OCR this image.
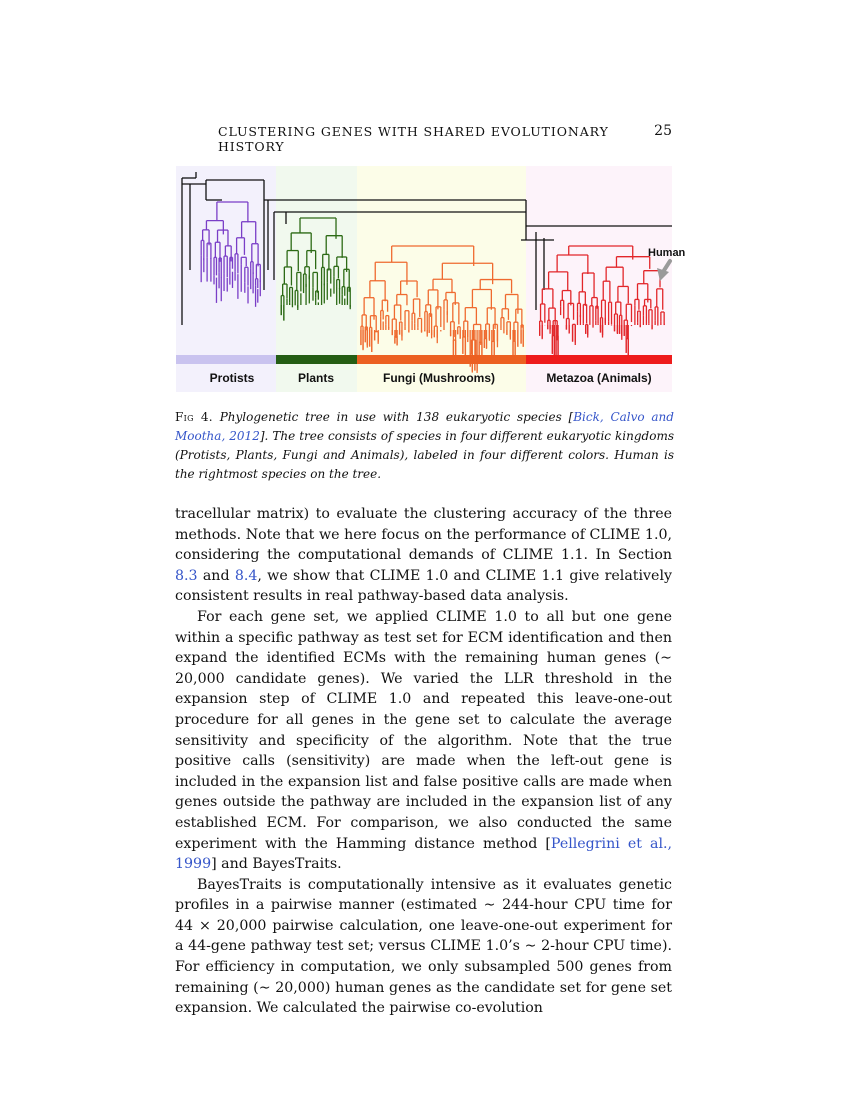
CLUSTERING GENES WITH SHARED EVOLUTIONARY HISTORY
25
Protists	Plants	Fungi (Mushrooms)	Metazoa (Animals)
Human
Fig 4. Phylogenetic tree in use with 138 eukaryotic species [Bick, Calvo and Mootha, 2012]. The tree consists of species in four different eukaryotic kingdoms (Protists, Plants, Fungi and Animals), labeled in four different colors. Human is the rightmost species on the tree.

tracellular matrix) to evaluate the clustering accuracy of the three methods. Note that we here focus on the performance of CLIME 1.0, considering the computational demands of CLIME 1.1. In Section 8.3 and 8.4, we show that CLIME 1.0 and CLIME 1.1 give relatively consistent results in real pathway-based data analysis.

For each gene set, we applied CLIME 1.0 to all but one gene within a specific pathway as test set for ECM identification and then expand the identified ECMs with the remaining human genes (∼ 20,000 candidate genes). We varied the LLR threshold in the expansion step of CLIME 1.0 and repeated this leave-one-out procedure for all genes in the gene set to calculate the average sensitivity and specificity of the algorithm. Note that the true positive calls (sensitivity) are made when the left-out gene is included in the expansion list and false positive calls are made when genes outside the pathway are included in the expansion list of any established ECM. For comparison, we also conducted the same experiment with the Hamming distance method [Pellegrini et al., 1999] and BayesTraits.

BayesTraits is computationally intensive as it evaluates genetic profiles in a pairwise manner (estimated ∼ 244-hour CPU time for 44 × 20,000 pairwise calculation, one leave-one-out experiment for a 44-gene pathway test set; versus CLIME 1.0’s ∼ 2-hour CPU time). For efficiency in computation, we only subsampled 500 genes from remaining (∼ 20,000) human genes as the candidate set for gene set expansion. We calculated the pairwise co-evolution
